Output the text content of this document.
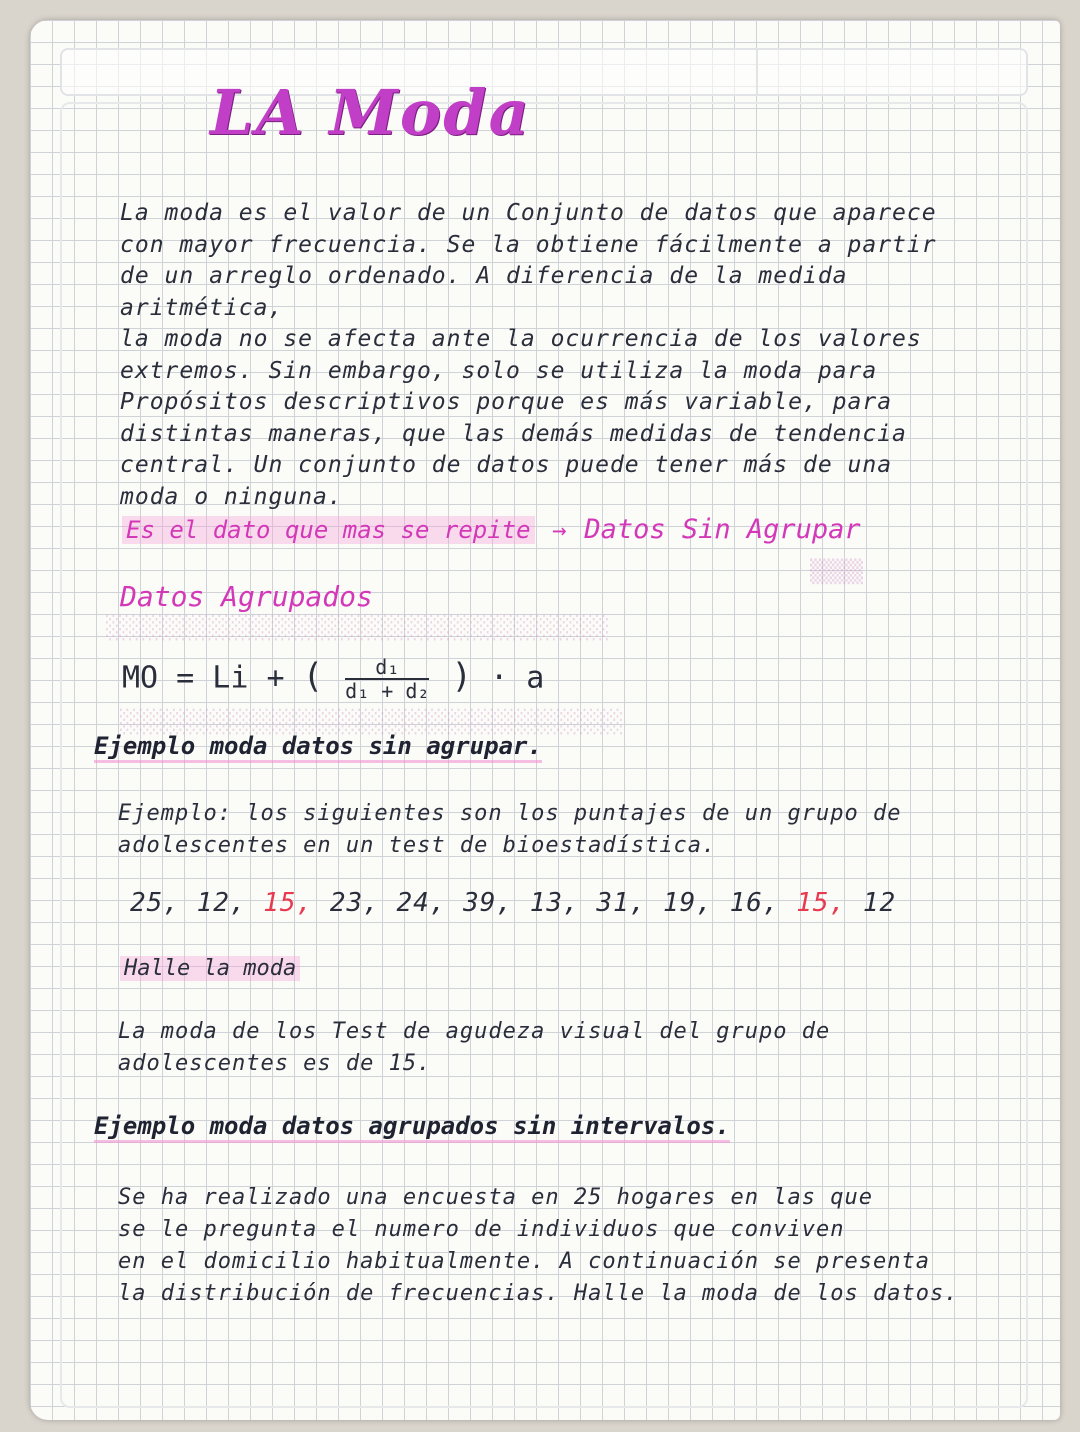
LA Moda
La moda es el valor de un Conjunto de datos que aparece
con mayor frecuencia. Se la obtiene fácilmente a partir
de un arreglo ordenado. A diferencia de la medida aritmética,
la moda no se afecta ante la ocurrencia de los valores
extremos. Sin embargo, solo se utiliza la moda para
Propósitos descriptivos porque es más variable, para
distintas maneras, que las demás medidas de tendencia
central. Un conjunto de datos puede tener más de una
moda o ninguna.
Es el dato que mas se repite → Datos Sin Agrupar
▒▒▒▒
Datos Agrupados
░░░░░░░░░░░░░░░░░░░░░░░░░░░░░░░░░░░░░░
MO = Li + ( $\frac{\text{d₁}}{\text{d₁ + d₂}}$ ) · a
░░░░░░░░░░░░░░░░░░░░░░░░░░░░░░░░░░░░░░
Ejemplo moda datos sin agrupar.
Ejemplo: los siguientes son los puntajes de un grupo de
adolescentes en un test de bioestadística.
25, 12, 15, 23, 24, 39, 13, 31, 19, 16, 15, 12
Halle la moda
La moda de los Test de agudeza visual del grupo de
adolescentes es de 15.
Ejemplo moda datos agrupados sin intervalos.
Se ha realizado una encuesta en 25 hogares en las que
se le pregunta el numero de individuos que conviven
en el domicilio habitualmente. A continuación se presenta
la distribución de frecuencias. Halle la moda de los datos.
